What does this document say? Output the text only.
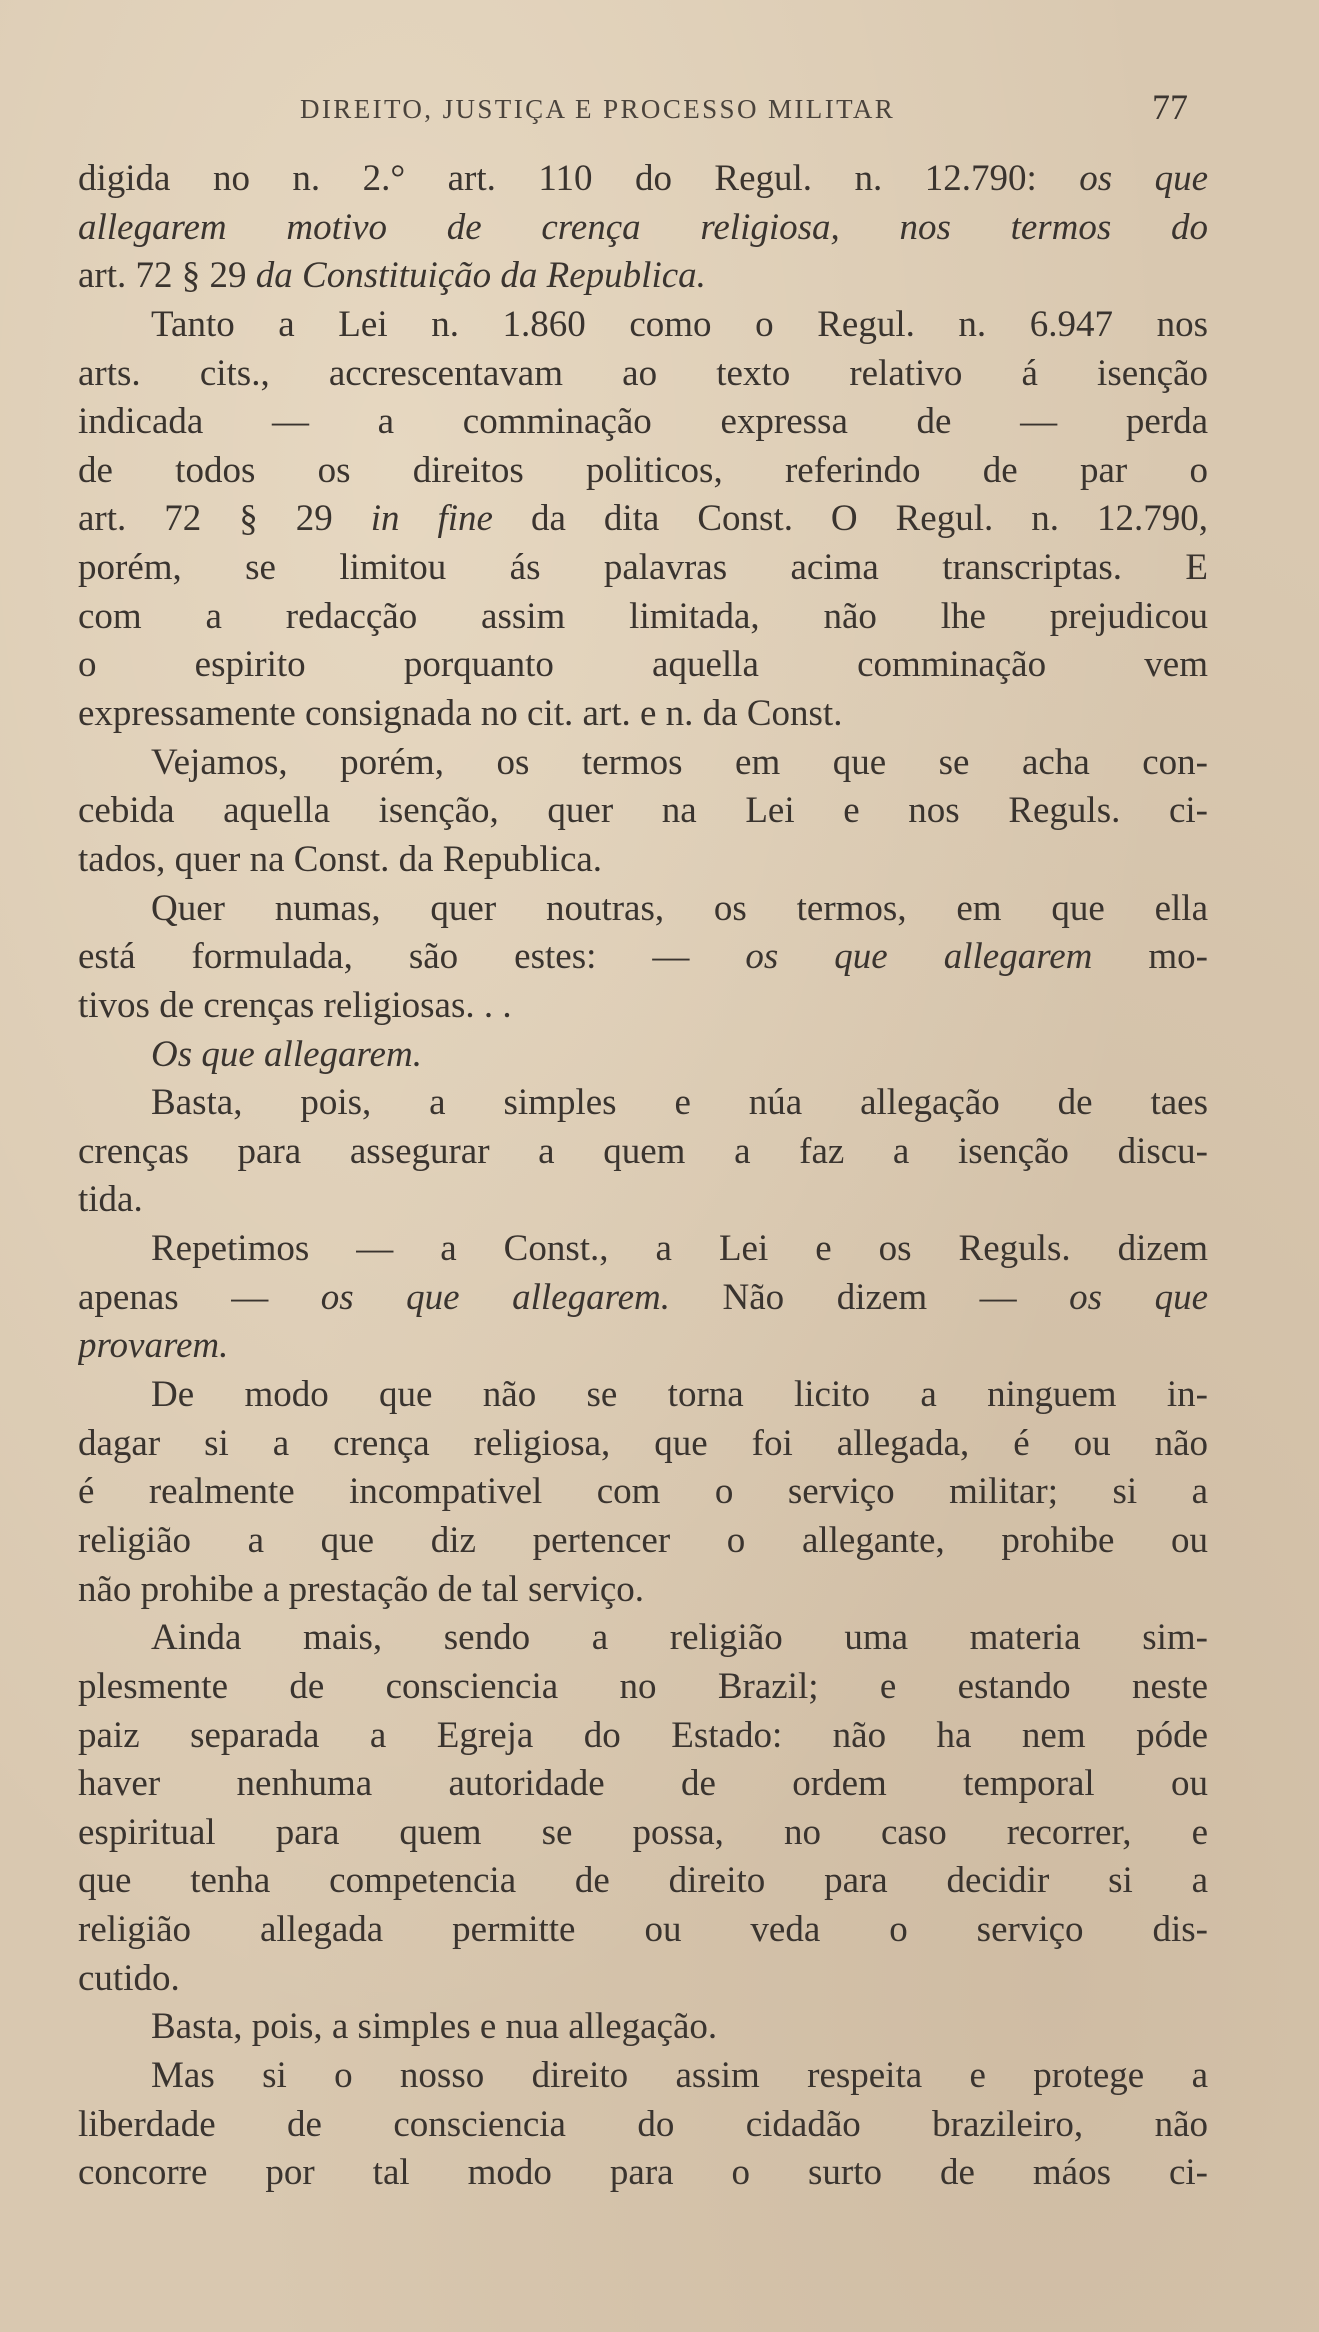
DIREITO, JUSTIÇA E PROCESSO MILITAR	77
digida no n. 2.° art. 110 do Regul. n. 12.790: os que
allegarem motivo de crença religiosa, nos termos do
art. 72 § 29 da Constituição da Republica.
Tanto a Lei n. 1.860 como o Regul. n. 6.947 nos
arts. cits., accrescentavam ao texto relativo á isenção
indicada — a comminação expressa de — perda
de todos os direitos politicos, referindo de par o
art. 72 § 29 in fine da dita Const. O Regul. n. 12.790,
porém, se limitou ás palavras acima transcriptas. E
com a redacção assim limitada, não lhe prejudicou
o espirito porquanto aquella comminação vem
expressamente consignada no cit. art. e n. da Const.
Vejamos, porém, os termos em que se acha con-
cebida aquella isenção, quer na Lei e nos Reguls. ci-
tados, quer na Const. da Republica.
Quer numas, quer noutras, os termos, em que ella
está formulada, são estes: — os que allegarem mo-
tivos de crenças religiosas. . .
Os que allegarem.
Basta, pois, a simples e núa allegação de taes
crenças para assegurar a quem a faz a isenção discu-
tida.
Repetimos — a Const., a Lei e os Reguls. dizem
apenas — os que allegarem. Não dizem — os que
provarem.
De modo que não se torna licito a ninguem in-
dagar si a crença religiosa, que foi allegada, é ou não
é realmente incompativel com o serviço militar; si a
religião a que diz pertencer o allegante, prohibe ou
não prohibe a prestação de tal serviço.
Ainda mais, sendo a religião uma materia sim-
plesmente de consciencia no Brazil; e estando neste
paiz separada a Egreja do Estado: não ha nem póde
haver nenhuma autoridade de ordem temporal ou
espiritual para quem se possa, no caso recorrer, e
que tenha competencia de direito para decidir si a
religião allegada permitte ou veda o serviço dis-
cutido.
Basta, pois, a simples e nua allegação.
Mas si o nosso direito assim respeita e protege a
liberdade de consciencia do cidadão brazileiro, não
concorre por tal modo para o surto de máos ci-
